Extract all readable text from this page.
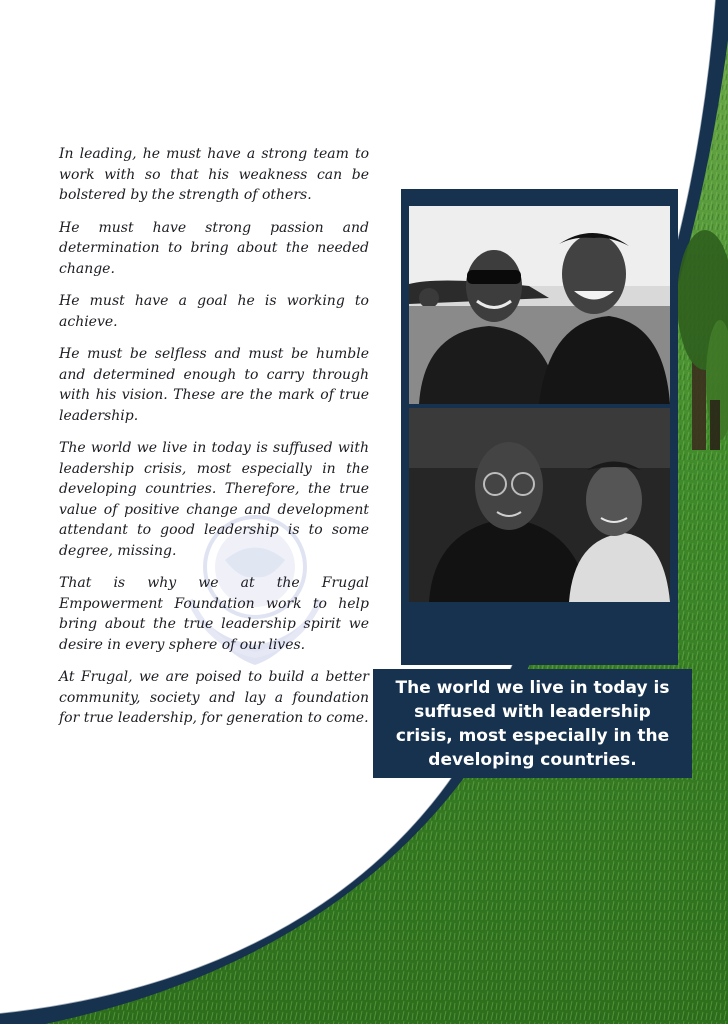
In leading, he must have a strong team to work with so that his weakness can be bolstered by the strength of others.

He must have strong passion and determination to bring about the needed change.

He must have a goal he is working to achieve.

He must be selfless and must be humble and determined enough to carry through with his vision. These are the mark of true leadership.

The world we live in today is suffused with leadership crisis, most especially in the developing countries. Therefore, the true value of positive change and development attendant to good leadership is to some degree, missing.

That is why we at the Frugal Empowerment Foundation work to help bring about the true leadership spirit we desire in every sphere of our lives.

At Frugal, we are poised to build a better community, society and lay a foundation for true leadership, for generation to come.

The world we live in today is suffused with leadership crisis, most especially in the developing countries.
